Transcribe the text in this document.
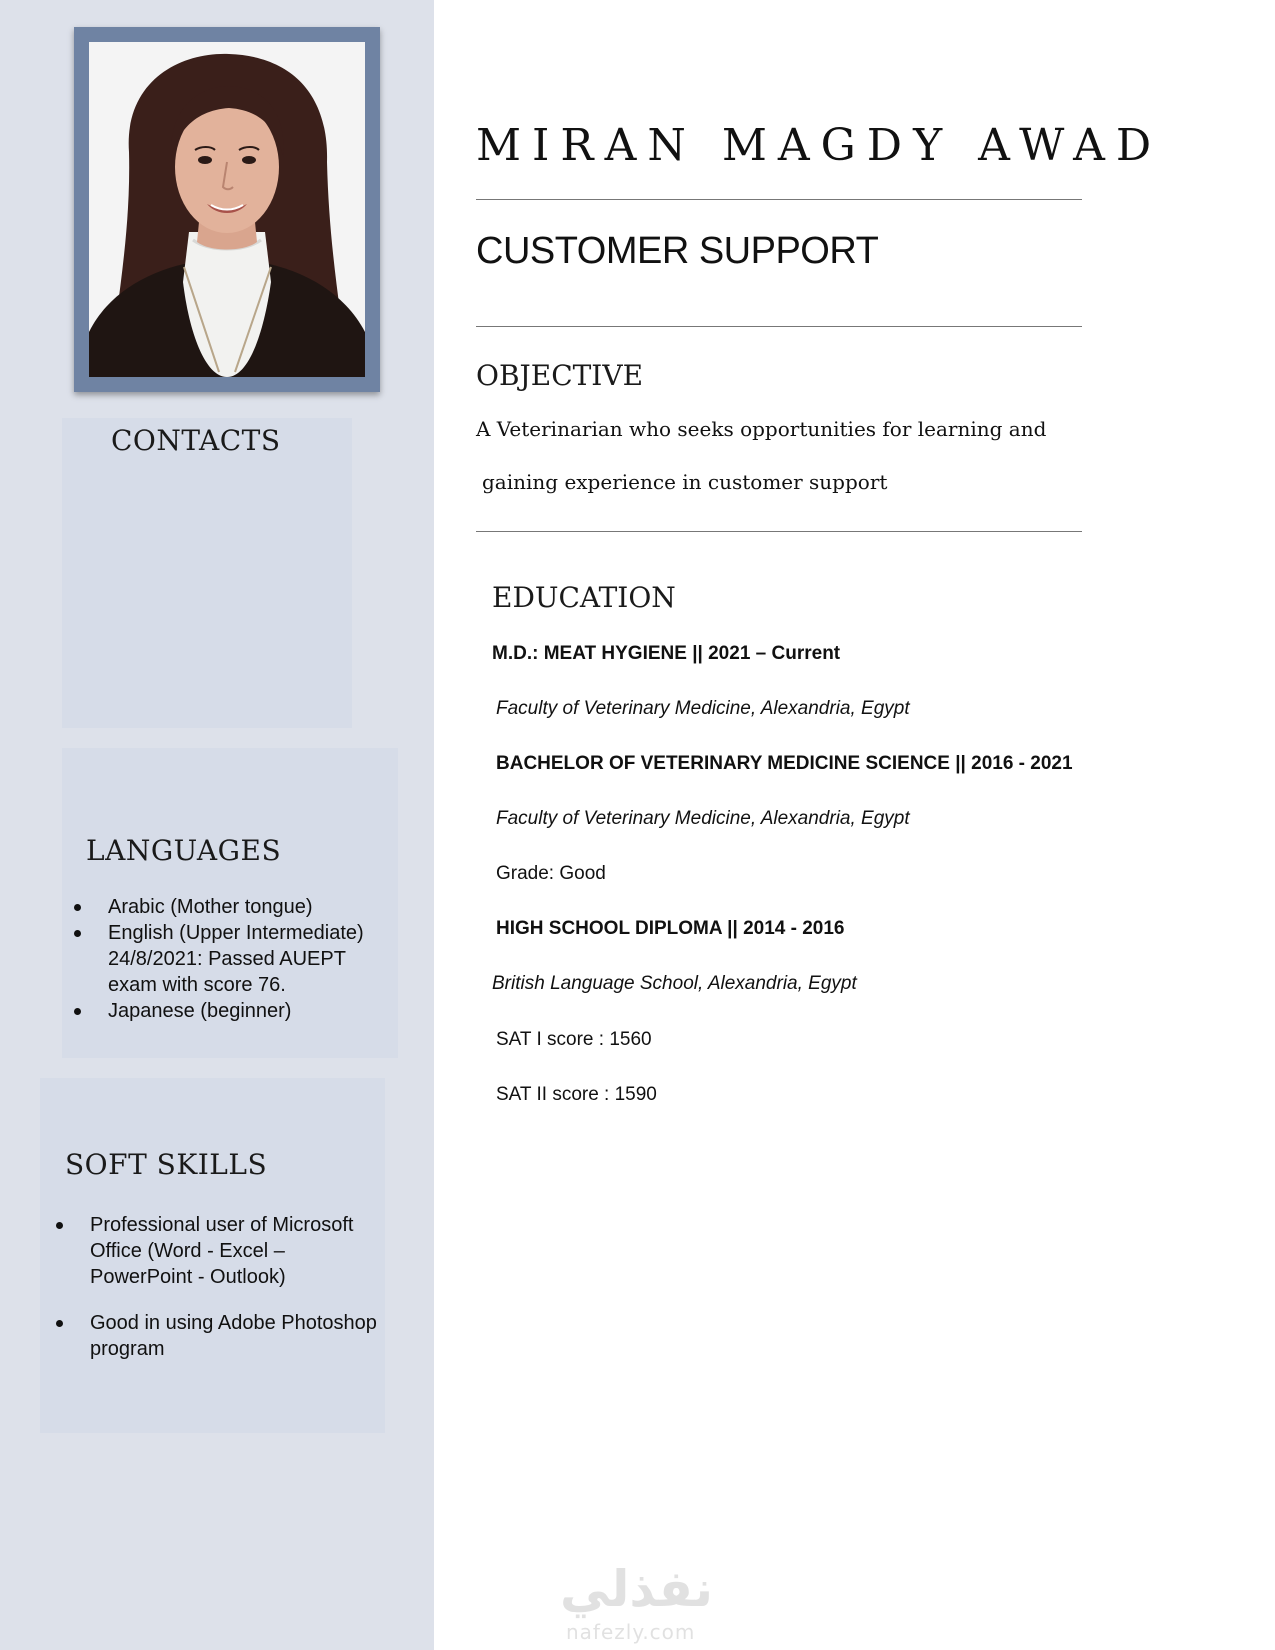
CONTACTS
LANGUAGES
Arabic (Mother tongue)
English (Upper Intermediate) 24/8/2021: Passed AUEPT exam with score 76.
Japanese (beginner)
SOFT SKILLS
Professional user of Microsoft Office (Word - Excel – PowerPoint - Outlook)
Good in using Adobe Photoshop program
MIRAN MAGDY AWAD
CUSTOMER SUPPORT
OBJECTIVE
A Veterinarian who seeks opportunities for learning and
gaining experience in customer support
EDUCATION
M.D.: MEAT HYGIENE || 2021 – Current
Faculty of Veterinary Medicine, Alexandria, Egypt
BACHELOR OF VETERINARY MEDICINE SCIENCE || 2016 - 2021
Faculty of Veterinary Medicine, Alexandria, Egypt
Grade: Good
HIGH SCHOOL DIPLOMA || 2014 - 2016
British Language School, Alexandria, Egypt
SAT I score : 1560
SAT II score : 1590
نفذلي
nafezly.com
